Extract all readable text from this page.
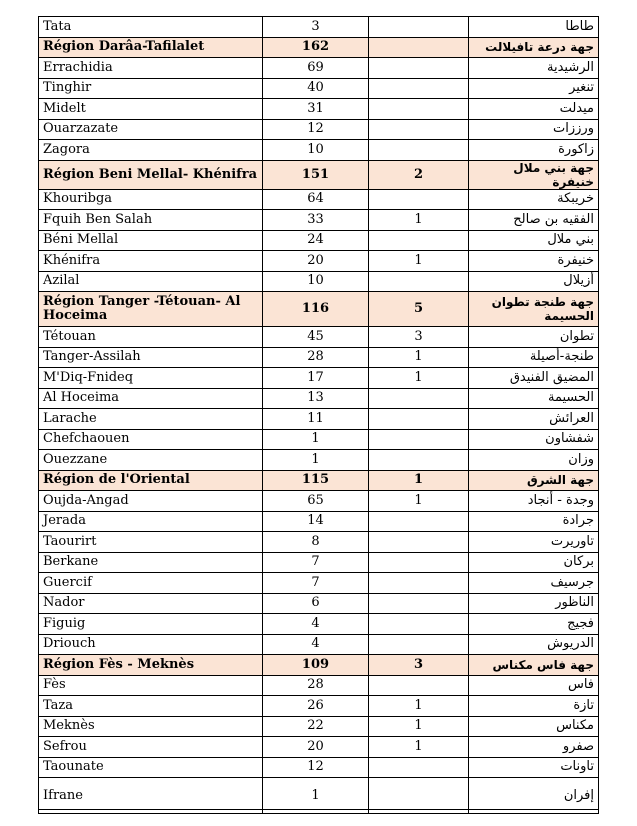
Tata	3		طاطا
Région Darâa-Tafilalet	162		جهة درعة تافيلالت
Errachidia	69		الرشيدية
Tinghir	40		تنغير
Midelt	31		ميدلت
Ouarzazate	12		ورززات
Zagora	10		زاكورة
Région Beni Mellal- Khénifra	151	2	جهة بني ملال خنيفرة
Khouribga	64		خريبكة
Fquih Ben Salah	33	1	الفقيه بن صالح
Béni Mellal	24		بني ملال
Khénifra	20	1	خنيفرة
Azilal	10		أزيلال
Région Tanger -Tétouan- Al Hoceima	116	5	جهة طنجة تطوان الحسيمة
Tétouan	45	3	تطوان
Tanger-Assilah	28	1	طنجة-أصيلة
M'Diq-Fnideq	17	1	المضيق الفنيدق
Al Hoceima	13		الحسيمة
Larache	11		العرائش
Chefchaouen	1		شفشاون
Ouezzane	1		وزان
Région de l'Oriental	115	1	جهة الشرق
Oujda-Angad	65	1	وجدة - أنجاد
Jerada	14		جرادة
Taourirt	8		تاوريرت
Berkane	7		بركان
Guercif	7		جرسيف
Nador	6		الناظور
Figuig	4		فجيج
Driouch	4		الدريوش
Région Fès - Meknès	109	3	جهة فاس مكناس
Fès	28		فاس
Taza	26	1	تازة
Meknès	22	1	مكناس
Sefrou	20	1	صفرو
Taounate	12		تاونات
Ifrane	1		إفران
